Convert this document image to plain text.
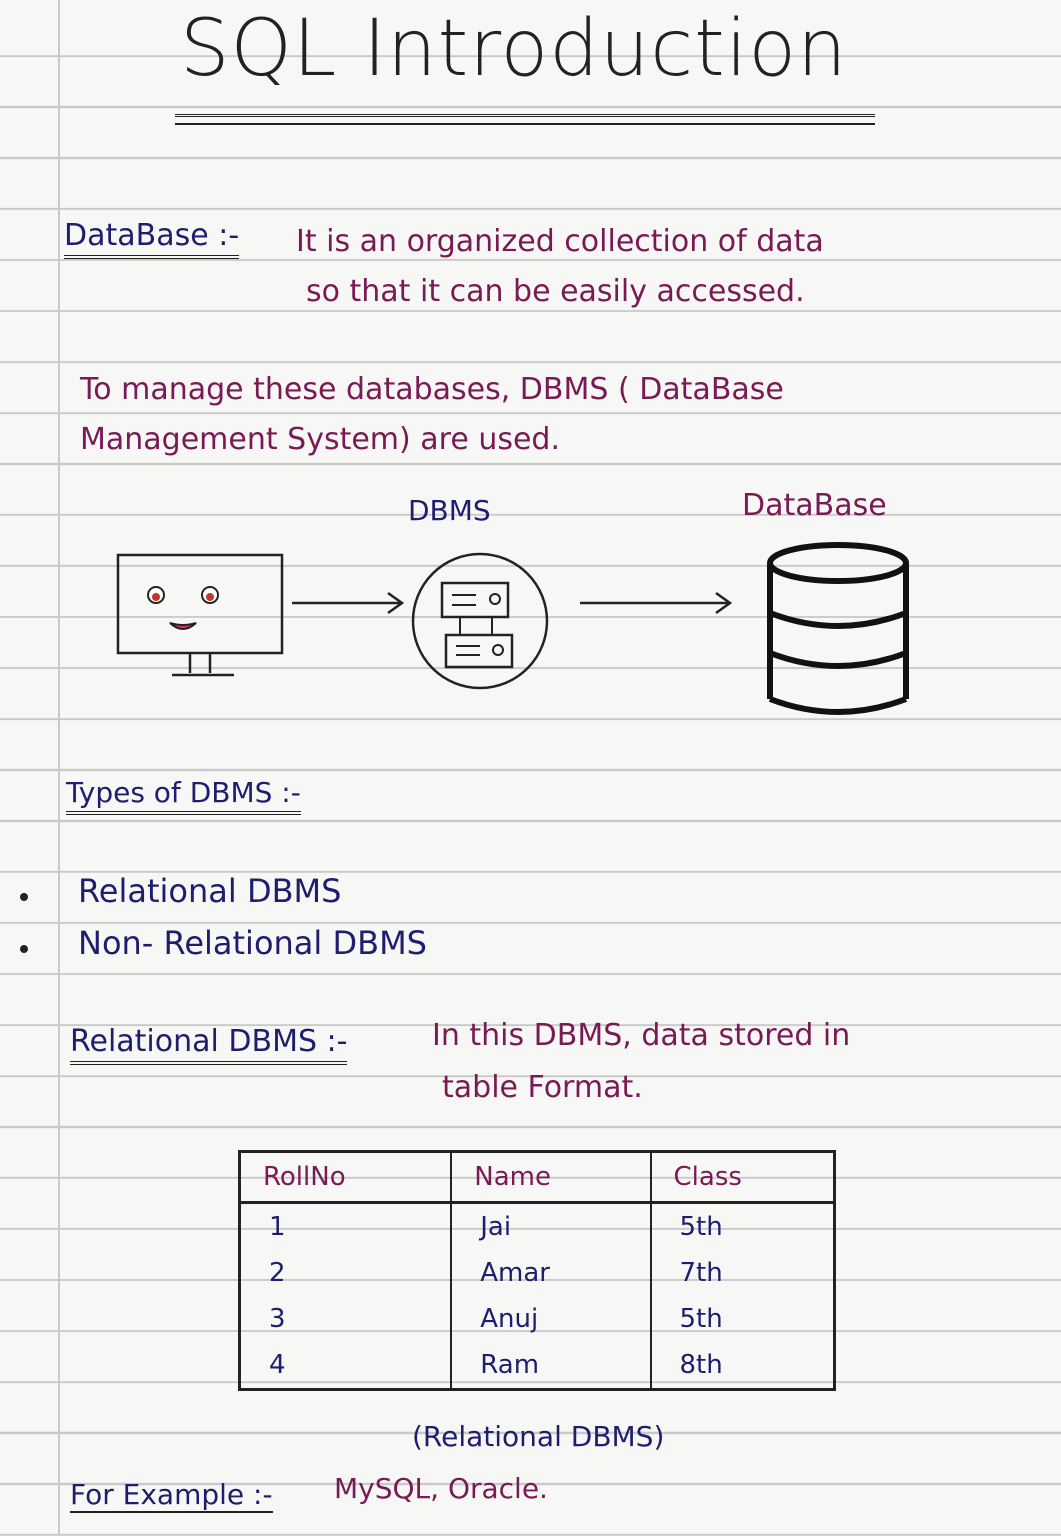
SQL Introduction
DataBase :- It is an organized collection of data
so that it can be easily accessed.
To manage these databases, DBMS ( DataBase
Management System) are used.
DBMS	DataBase
Types of DBMS :-
Relational DBMS
Non- Relational DBMS
Relational DBMS :-	In this DBMS, data stored in
table Format.
RollNo	Name	Class
1	Jai	5th
2	Amar	7th
3	Anuj	5th
4	Ram	8th
(Relational DBMS)
For Example :- MySQL, Oracle.
